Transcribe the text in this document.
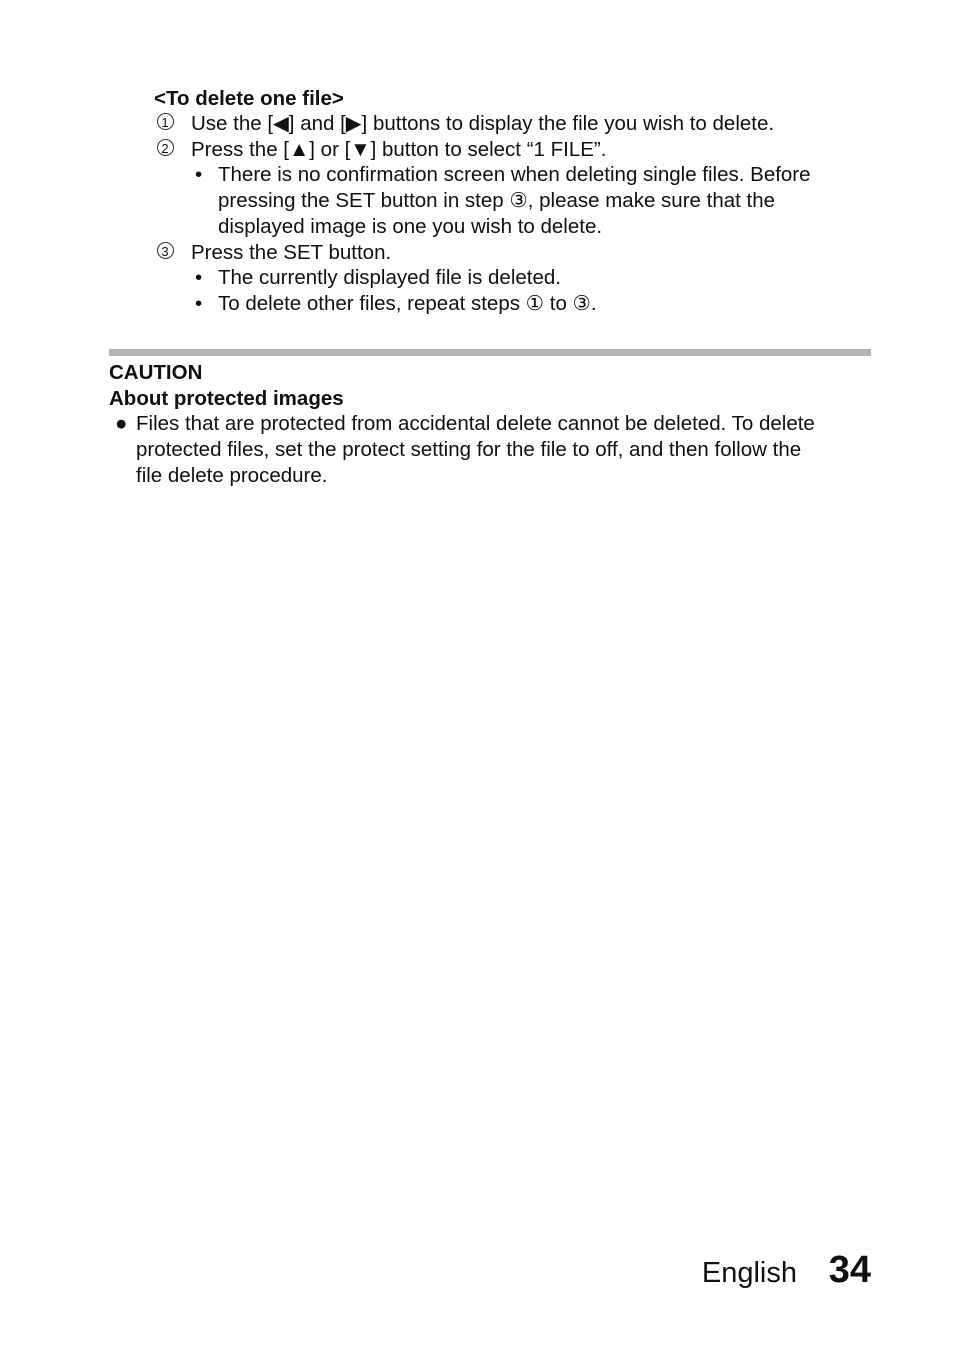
<To delete one file>
1	Use the [◀] and [▶] buttons to display the file you wish to delete.
2	Press the [▲] or [▼] button to select “1 FILE”.
• There is no confirmation screen when deleting single files. Before
pressing the SET button in step ③, please make sure that the
displayed image is one you wish to delete.
3	Press the SET button.
• The currently displayed file is deleted.
• To delete other files, repeat steps ① to ③.
CAUTION
About protected images
● Files that are protected from accidental delete cannot be deleted. To delete
protected files, set the protect setting for the file to off, and then follow the
file delete procedure.
English 34
